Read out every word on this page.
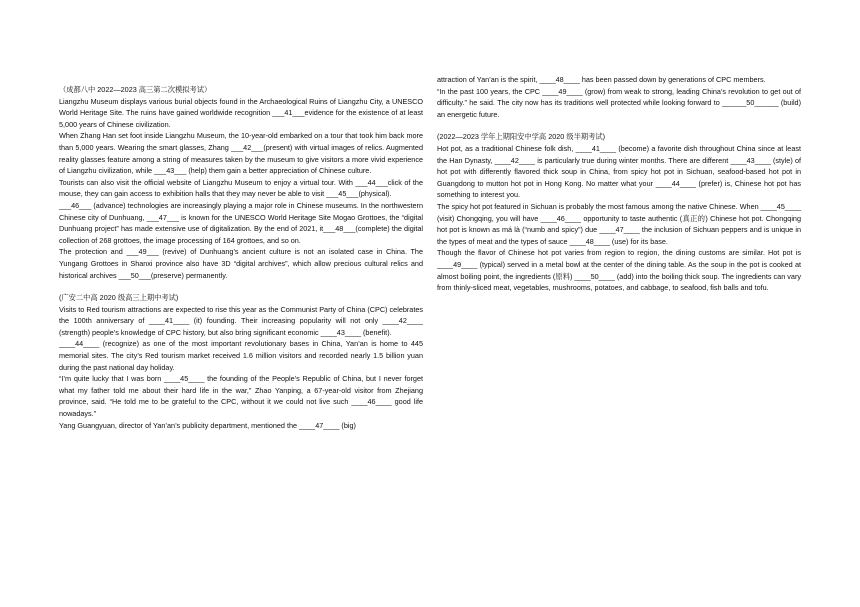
（成都八中 2022—2023 高三第二次模拟考试）

Liangzhu Museum displays various burial objects found in the Archaeological Ruins of Liangzhu City, a UNESCO World Heritage Site. The ruins have gained worldwide recognition ___41___evidence for the existence of at least 5,000 years of Chinese civilization.

When Zhang Han set foot inside Liangzhu Museum, the 10-year-old embarked on a tour that took him back more than 5,000 years. Wearing the smart glasses, Zhang ___42___(present) with virtual images of relics. Augmented reality glasses feature among a string of measures taken by the museum to give visitors a more vivid experience of Liangzhu civilization, while ___43___ (help) them gain a better appreciation of Chinese culture.

Tourists can also visit the official website of Liangzhu Museum to enjoy a virtual tour. With ___44___click of the mouse, they can gain access to exhibition halls that they may never be able to visit ___45___(physical).

___46___ (advance) technologies are increasingly playing a major role in Chinese museums. In the northwestern Chinese city of Dunhuang, ___47___ is known for the UNESCO World Heritage Site Mogao Grottoes, the “digital Dunhuang project” has made extensive use of digitalization. By the end of 2021, it___48___(complete) the digital collection of 268 grottoes, the image processing of 164 grottoes, and so on.

The protection and ___49___ (revive) of Dunhuang’s ancient culture is not an isolated case in China. The Yungang Grottoes in Shanxi province also have 3D “digital archives”, which allow precious cultural relics and historical archives ___50___(preserve) permanently.

(广安二中高 2020 级高三上期中考试)

Visits to Red tourism attractions are expected to rise this year as the Communist Party of China (CPC) celebrates the 100th anniversary of ____41____ (it) founding. Their increasing popularity will not only ____42____ (strength) people’s knowledge of CPC history, but also bring significant economic ____43____ (benefit).

____44____ (recognize) as one of the most important revolutionary bases in China, Yan’an is home to 445 memorial sites. The city’s Red tourism market received 1.6 million visitors and recorded nearly 1.5 billion yuan during the past national day holiday.

“I’m quite lucky that I was born ____45____ the founding of the People’s Republic of China, but I never forget what my father told me about their hard life in the war,” Zhao Yanping, a 67-year-old visitor from Zhejiang province, said. “He told me to be grateful to the CPC, without it we could not live such ____46____ good life nowadays.”

Yang Guangyuan, director of Yan’an’s publicity department, mentioned the ____47____ (big)

attraction of Yan’an is the spirit, ____48____ has been passed down by generations of CPC members.

“In the past 100 years, the CPC ____49____ (grow) from weak to strong, leading China’s revolution to get out of difficulty.” he said. The city now has its traditions well protected while looking forward to ______50______ (build) an energetic future.

(2022—2023 学年上期阳安中学高 2020 级半期考试)

Hot pot, as a traditional Chinese folk dish, ____41____ (become) a favorite dish throughout China since at least the Han Dynasty, ____42____ is particularly true during winter months. There are different ____43____ (style) of hot pot with differently flavored thick soup in China, from spicy hot pot in Sichuan, seafood-based hot pot in Guangdong to mutton hot pot in Hong Kong. No matter what your ____44____ (prefer) is, Chinese hot pot has something to interest you.

The spicy hot pot featured in Sichuan is probably the most famous among the native Chinese. When ____45____ (visit) Chongqing, you will have ____46____ opportunity to taste authentic (真正的) Chinese hot pot. Chongqing hot pot is known as má là (“numb and spicy”) due ____47____ the inclusion of Sichuan peppers and is unique in the types of meat and the types of sauce ____48____ (use) for its base.

Though the flavor of Chinese hot pot varies from region to region, the dining customs are similar. Hot pot is ____49____ (typical) served in a metal bowl at the center of the dining table. As the soup in the pot is cooked at almost boiling point, the ingredients (原料) ____50____ (add) into the boiling thick soup. The ingredients can vary from thinly-sliced meat, vegetables, mushrooms, potatoes, and cabbage, to seafood, fish balls and tofu.
